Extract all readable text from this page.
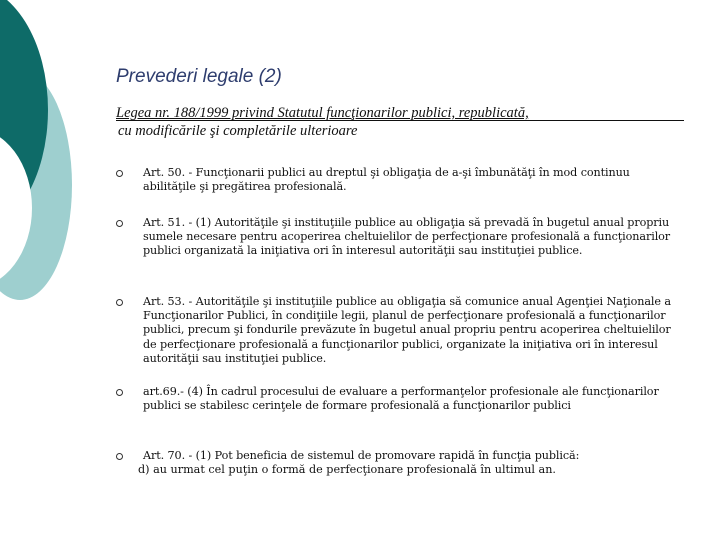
Prevederi legale (2)
Legea nr. 188/1999 privind Statutul funcţionarilor publici, republicată,
cu modificările şi completările ulterioare
Art. 50. - Funcţionarii publici au dreptul şi obligaţia de a-şi îmbunătăţi în mod continuu abilităţile şi pregătirea profesională.
Art. 51. - (1) Autorităţile şi instituţiile publice au obligaţia să prevadă în bugetul anual propriu sumele necesare pentru acoperirea cheltuielilor de perfecţionare profesională a funcţionarilor publici organizată la iniţiativa ori în interesul autorităţii sau instituţiei publice.
Art. 53. - Autorităţile şi instituţiile publice au obligaţia să comunice anual Agenţiei Naţionale a Funcţionarilor Publici, în condiţiile legii, planul de perfecţionare profesională a funcţionarilor publici, precum şi fondurile prevăzute în bugetul anual propriu pentru acoperirea cheltuielilor de perfecţionare profesională a funcţionarilor publici, organizate la iniţiativa ori în interesul autorităţii sau instituţiei publice.
art.69.- (4) În cadrul procesului de evaluare a performanţelor profesionale ale funcţionarilor publici se stabilesc cerinţele de formare profesională a funcţionarilor publici
Art. 70. - (1) Pot beneficia de sistemul de promovare rapidă în funcţia publică:
d) au urmat cel puţin o formă de perfecţionare profesională în ultimul an.
